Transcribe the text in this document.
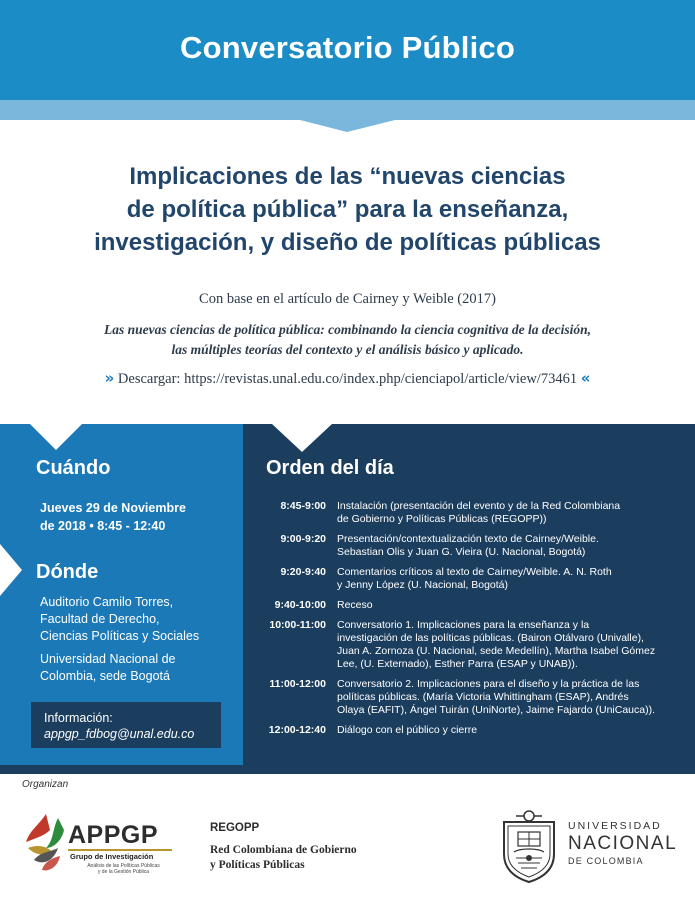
Conversatorio Público
Implicaciones de las “nuevas ciencias
de política pública” para la enseñanza,
investigación, y diseño de políticas públicas
Con base en el artículo de Cairney y Weible (2017)
Las nuevas ciencias de política pública: combinando la ciencia cognitiva de la decisión,
las múltiples teorías del contexto y el análisis básico y aplicado.
» Descargar: https://revistas.unal.edu.co/index.php/cienciapol/article/view/73461 «
Cuándo
Jueves 29 de Noviembre
de 2018 • 8:45 - 12:40
Dónde
Auditorio Camilo Torres,
Facultad de Derecho,
Ciencias Políticas y Sociales
Universidad Nacional de
Colombia, sede Bogotá
Información:
appgp_fdbog@unal.edu.co
Orden del día
8:45-9:00 Instalación (presentación del evento y de la Red Colombiana
de Gobierno y Políticas Públicas (REGOPP))
9:00-9:20 Presentación/contextualización texto de Cairney/Weible.
Sebastian Olis y Juan G. Vieira (U. Nacional, Bogotá)
9:20-9:40 Comentarios críticos al texto de Cairney/Weible. A. N. Roth
y Jenny López (U. Nacional, Bogotá)
9:40-10:00 Receso
10:00-11:00 Conversatorio 1. Implicaciones para la enseñanza y la
investigación de las políticas públicas. (Bairon Otálvaro (Univalle),
Juan A. Zornoza (U. Nacional, sede Medellín), Martha Isabel Gómez
Lee, (U. Externado), Esther Parra (ESAP y UNAB)).
11:00-12:00 Conversatorio 2. Implicaciones para el diseño y la práctica de las
políticas públicas. (María Victoria Whittingham (ESAP), Andrés
Olaya (EAFIT), Ángel Tuirán (UniNorte), Jaime Fajardo (UniCauca)).
12:00-12:40 Diálogo con el público y cierre
Organizan
APPGP
Grupo de Investigación
Análisis de las Políticas Públicas
y de la Gestión Pública
REGOPP
Red Colombiana de Gobierno
y Políticas Públicas
UNIVERSIDAD
NACIONAL
DE COLOMBIA
